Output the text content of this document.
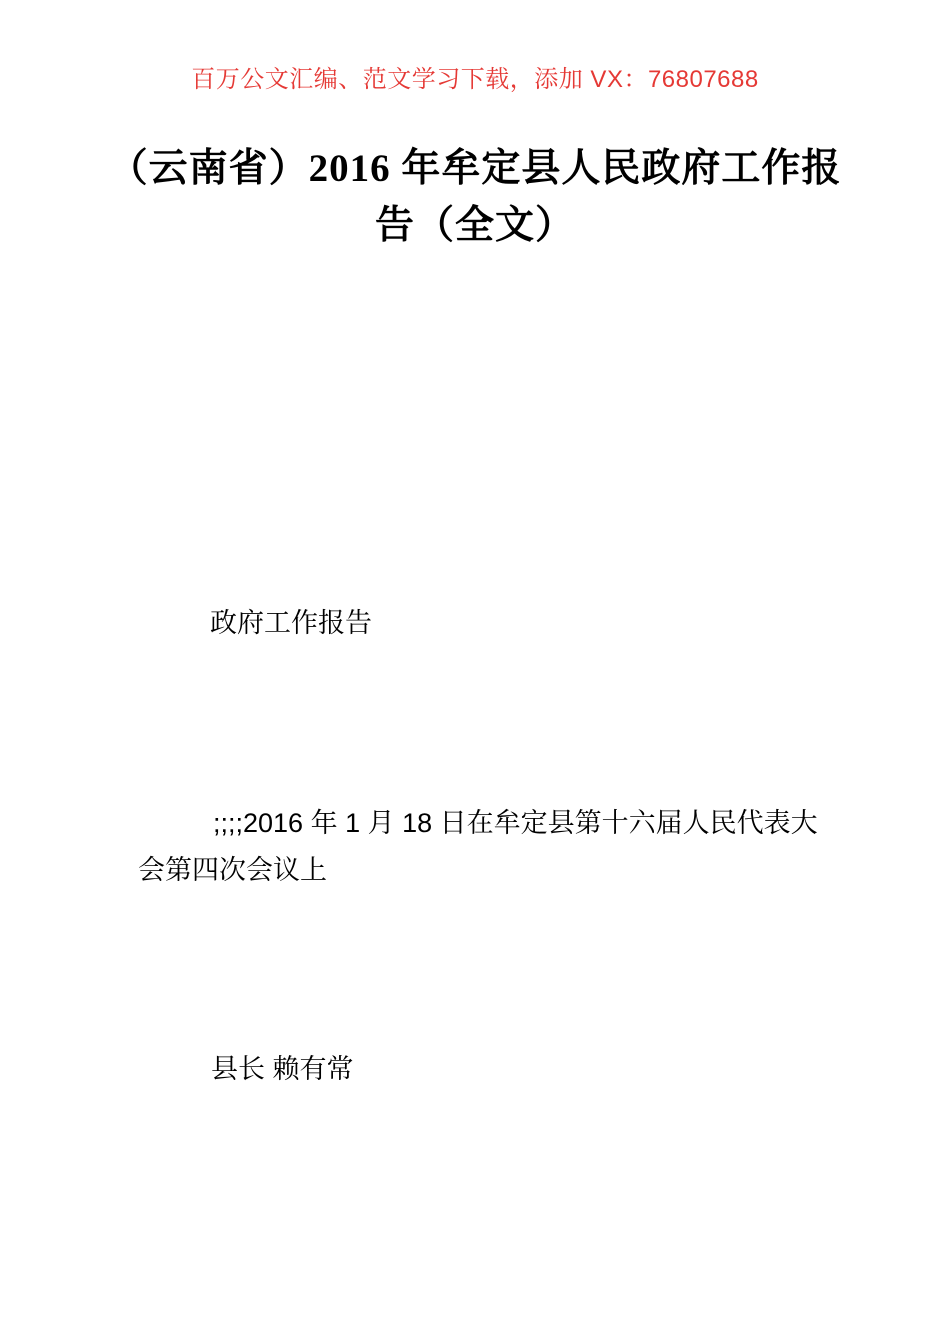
百万公文汇编、范文学习下载，添加 VX：76807688
（云南省）2016 年牟定县人民政府工作报
告（全文）
政府工作报告
;;;;2016 年 1 月 18 日在牟定县第十六届人民代表大
会第四次会议上
县长 赖有常
